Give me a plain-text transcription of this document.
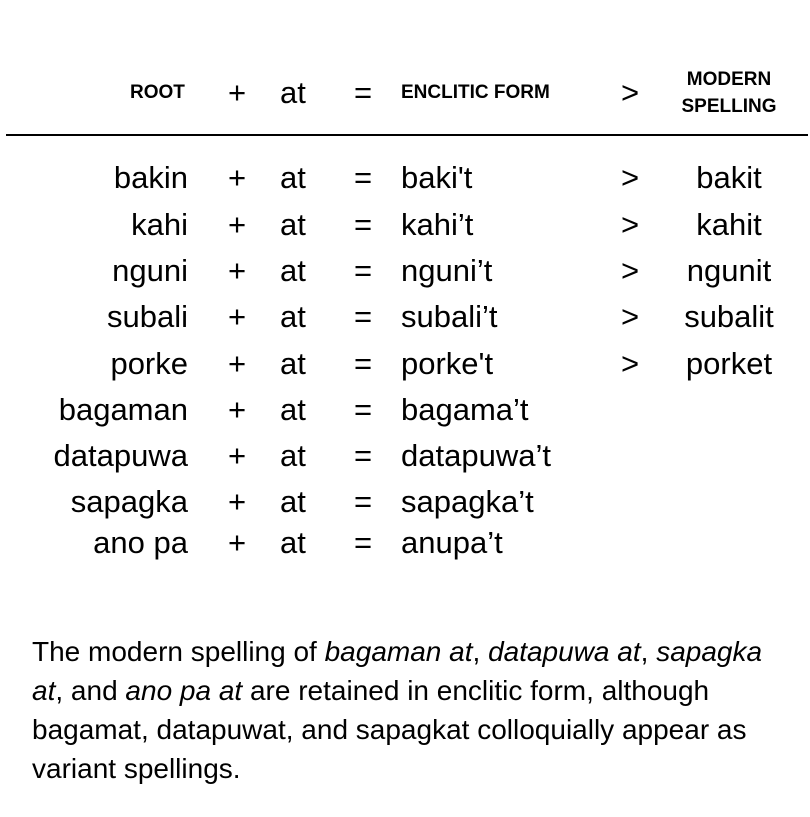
ROOT + at = ENCLITIC FORM >	MODERN
SPELLING
bakin + at = baki't	>	bakit
kahi + at = kahi’t	>	kahit
nguni + at = nguni’t	>	ngunit
subali + at = subali’t	>	subalit
porke + at = porke't	>	porket
bagaman + at = bagama’t
datapuwa + at = datapuwa’t
sapagka + at = sapagka’t
ano pa + at = anupa’t
The modern spelling of bagaman at, datapuwa at, sapagka at, and ano pa at are retained in enclitic form, although bagamat, datapuwat, and sapagkat colloquially appear as variant spellings.
